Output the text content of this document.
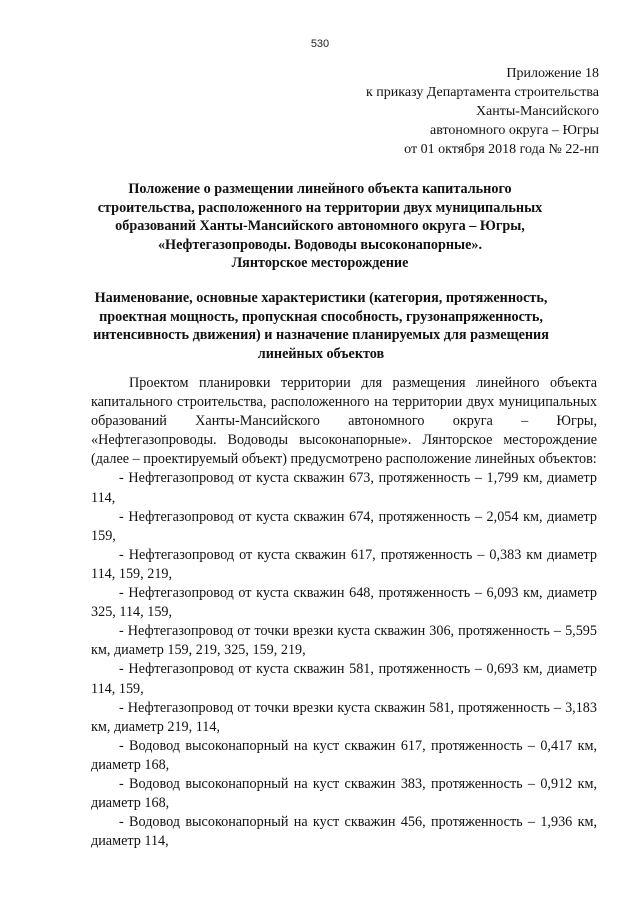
530
Приложение 18
к приказу Департамента строительства
Ханты-Мансийского
автономного округа – Югры
от 01 октября 2018 года № 22-нп
Положение о размещении линейного объекта капитального
строительства, расположенного на территории двух муниципальных
образований Ханты-Мансийского автономного округа – Югры,
«Нефтегазопроводы. Водоводы высоконапорные».
Лянторское месторождение
Наименование, основные характеристики (категория, протяженность,
проектная мощность, пропускная способность, грузонапряженность,
интенсивность движения) и назначение планируемых для размещения
линейных объектов

Проектом планировки территории для размещения линейного объекта капитального строительства, расположенного на территории двух муниципальных образований Ханты-Мансийского автономного округа – Югры, «Нефтегазопроводы. Водоводы высоконапорные». Лянторское месторождение (далее – проектируемый объект) предусмотрено расположение линейных объектов:

- Нефтегазопровод от куста скважин 673, протяженность – 1,799 км, диаметр 114,
- Нефтегазопровод от куста скважин 674, протяженность – 2,054 км, диаметр 159,
- Нефтегазопровод от куста скважин 617, протяженность – 0,383 км диаметр 114, 159, 219,
- Нефтегазопровод от куста скважин 648, протяженность – 6,093 км, диаметр 325, 114, 159,
- Нефтегазопровод от точки врезки куста скважин 306, протяженность – 5,595 км, диаметр 159, 219, 325, 159, 219,
- Нефтегазопровод от куста скважин 581, протяженность – 0,693 км, диаметр 114, 159,
- Нефтегазопровод от точки врезки куста скважин 581, протяженность – 3,183 км, диаметр 219, 114,
- Водовод высоконапорный на куст скважин 617, протяженность – 0,417 км, диаметр 168,
- Водовод высоконапорный на куст скважин 383, протяженность – 0,912 км, диаметр 168,
- Водовод высоконапорный на куст скважин 456, протяженность – 1,936 км, диаметр 114,
